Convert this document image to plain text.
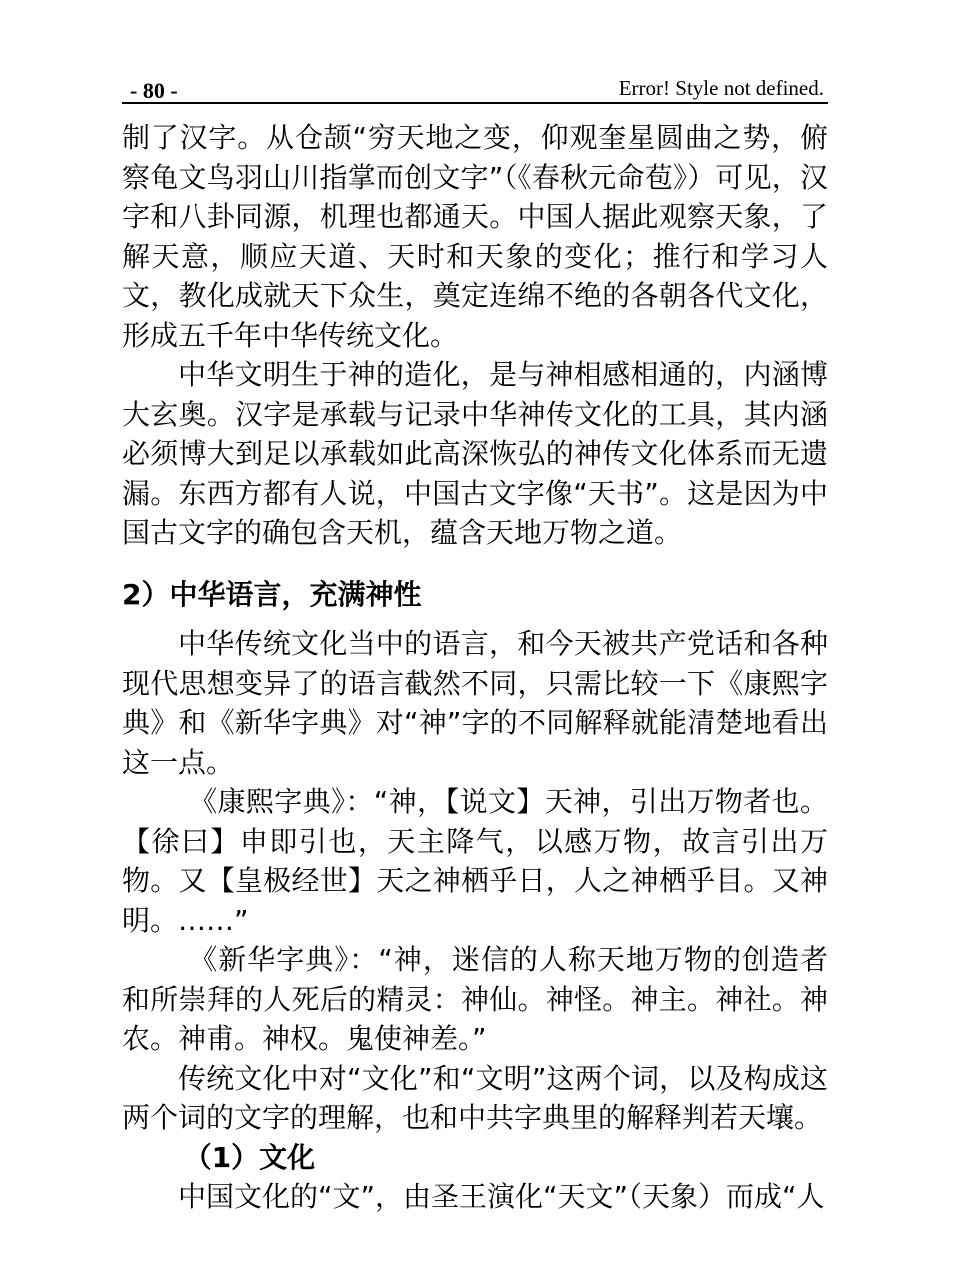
- 80 -	Error! Style not defined.

制了汉字。从仓颉“穷天地之变，仰观奎星圆曲之势，俯察龟文鸟羽山川指掌而创文字”（《春秋元命苞》）可见，汉字和八卦同源，机理也都通天。中国人据此观察天象，了解天意，顺应天道、天时和天象的变化；推行和学习人文，教化成就天下众生，奠定连绵不绝的各朝各代文化，形成五千年中华传统文化。

中华文明生于神的造化，是与神相感相通的，内涵博大玄奥。汉字是承载与记录中华神传文化的工具，其内涵必须博大到足以承载如此高深恢弘的神传文化体系而无遗漏。东西方都有人说，中国古文字像“天书”。这是因为中国古文字的确包含天机，蕴含天地万物之道。

2）中华语言，充满神性

中华传统文化当中的语言，和今天被共产党话和各种现代思想变异了的语言截然不同，只需比较一下《康熙字典》和《新华字典》对“神”字的不同解释就能清楚地看出这一点。

《康熙字典》：“神，【说文】天神，引出万物者也。【徐曰】申即引也，天主降气，以感万物，故言引出万物。又【皇极经世】天之神栖乎日，人之神栖乎目。又神明。……”

《新华字典》：“神，迷信的人称天地万物的创造者和所崇拜的人死后的精灵：神仙。神怪。神主。神社。神农。神甫。神权。鬼使神差。”

传统文化中对“文化”和“文明”这两个词，以及构成这两个词的文字的理解，也和中共字典里的解释判若天壤。

（1）文化

中国文化的“文”，由圣王演化“天文”（天象）而成“人
